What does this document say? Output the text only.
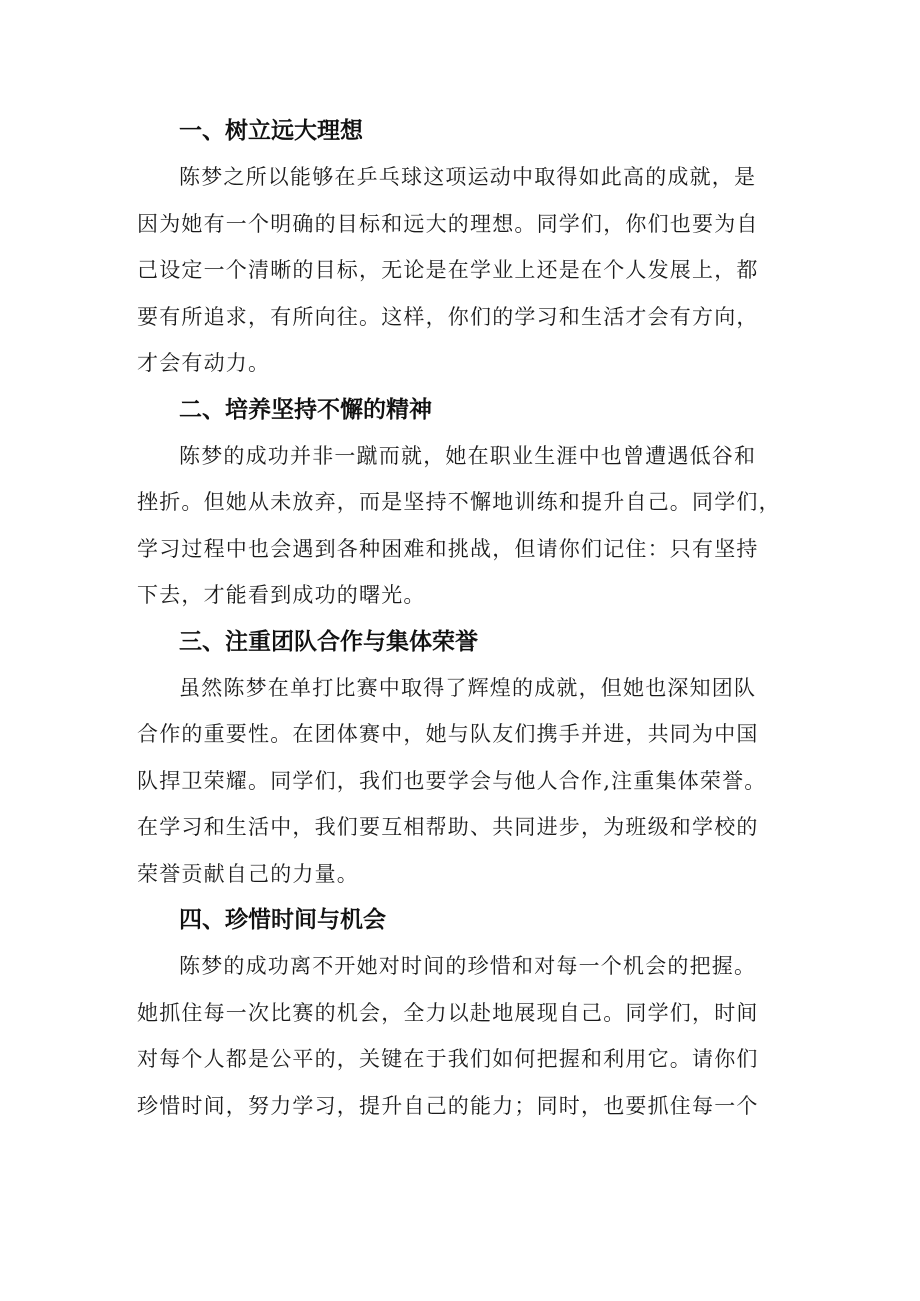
一、树立远大理想

陈梦之所以能够在乒乓球这项运动中取得如此高的成就，是
因为她有一个明确的目标和远大的理想。同学们，你们也要为自
己设定一个清晰的目标，无论是在学业上还是在个人发展上，都
要有所追求，有所向往。这样，你们的学习和生活才会有方向，
才会有动力。

二、培养坚持不懈的精神

陈梦的成功并非一蹴而就，她在职业生涯中也曾遭遇低谷和
挫折。但她从未放弃，而是坚持不懈地训练和提升自己。同学们，
学习过程中也会遇到各种困难和挑战，但请你们记住：只有坚持
下去，才能看到成功的曙光。

三、注重团队合作与集体荣誉

虽然陈梦在单打比赛中取得了辉煌的成就，但她也深知团队
合作的重要性。在团体赛中，她与队友们携手并进，共同为中国
队捍卫荣耀。同学们，我们也要学会与他人合作,注重集体荣誉。
在学习和生活中，我们要互相帮助、共同进步，为班级和学校的
荣誉贡献自己的力量。

四、珍惜时间与机会

陈梦的成功离不开她对时间的珍惜和对每一个机会的把握。
她抓住每一次比赛的机会，全力以赴地展现自己。同学们，时间
对每个人都是公平的，关键在于我们如何把握和利用它。请你们
珍惜时间，努力学习，提升自己的能力；同时，也要抓住每一个
